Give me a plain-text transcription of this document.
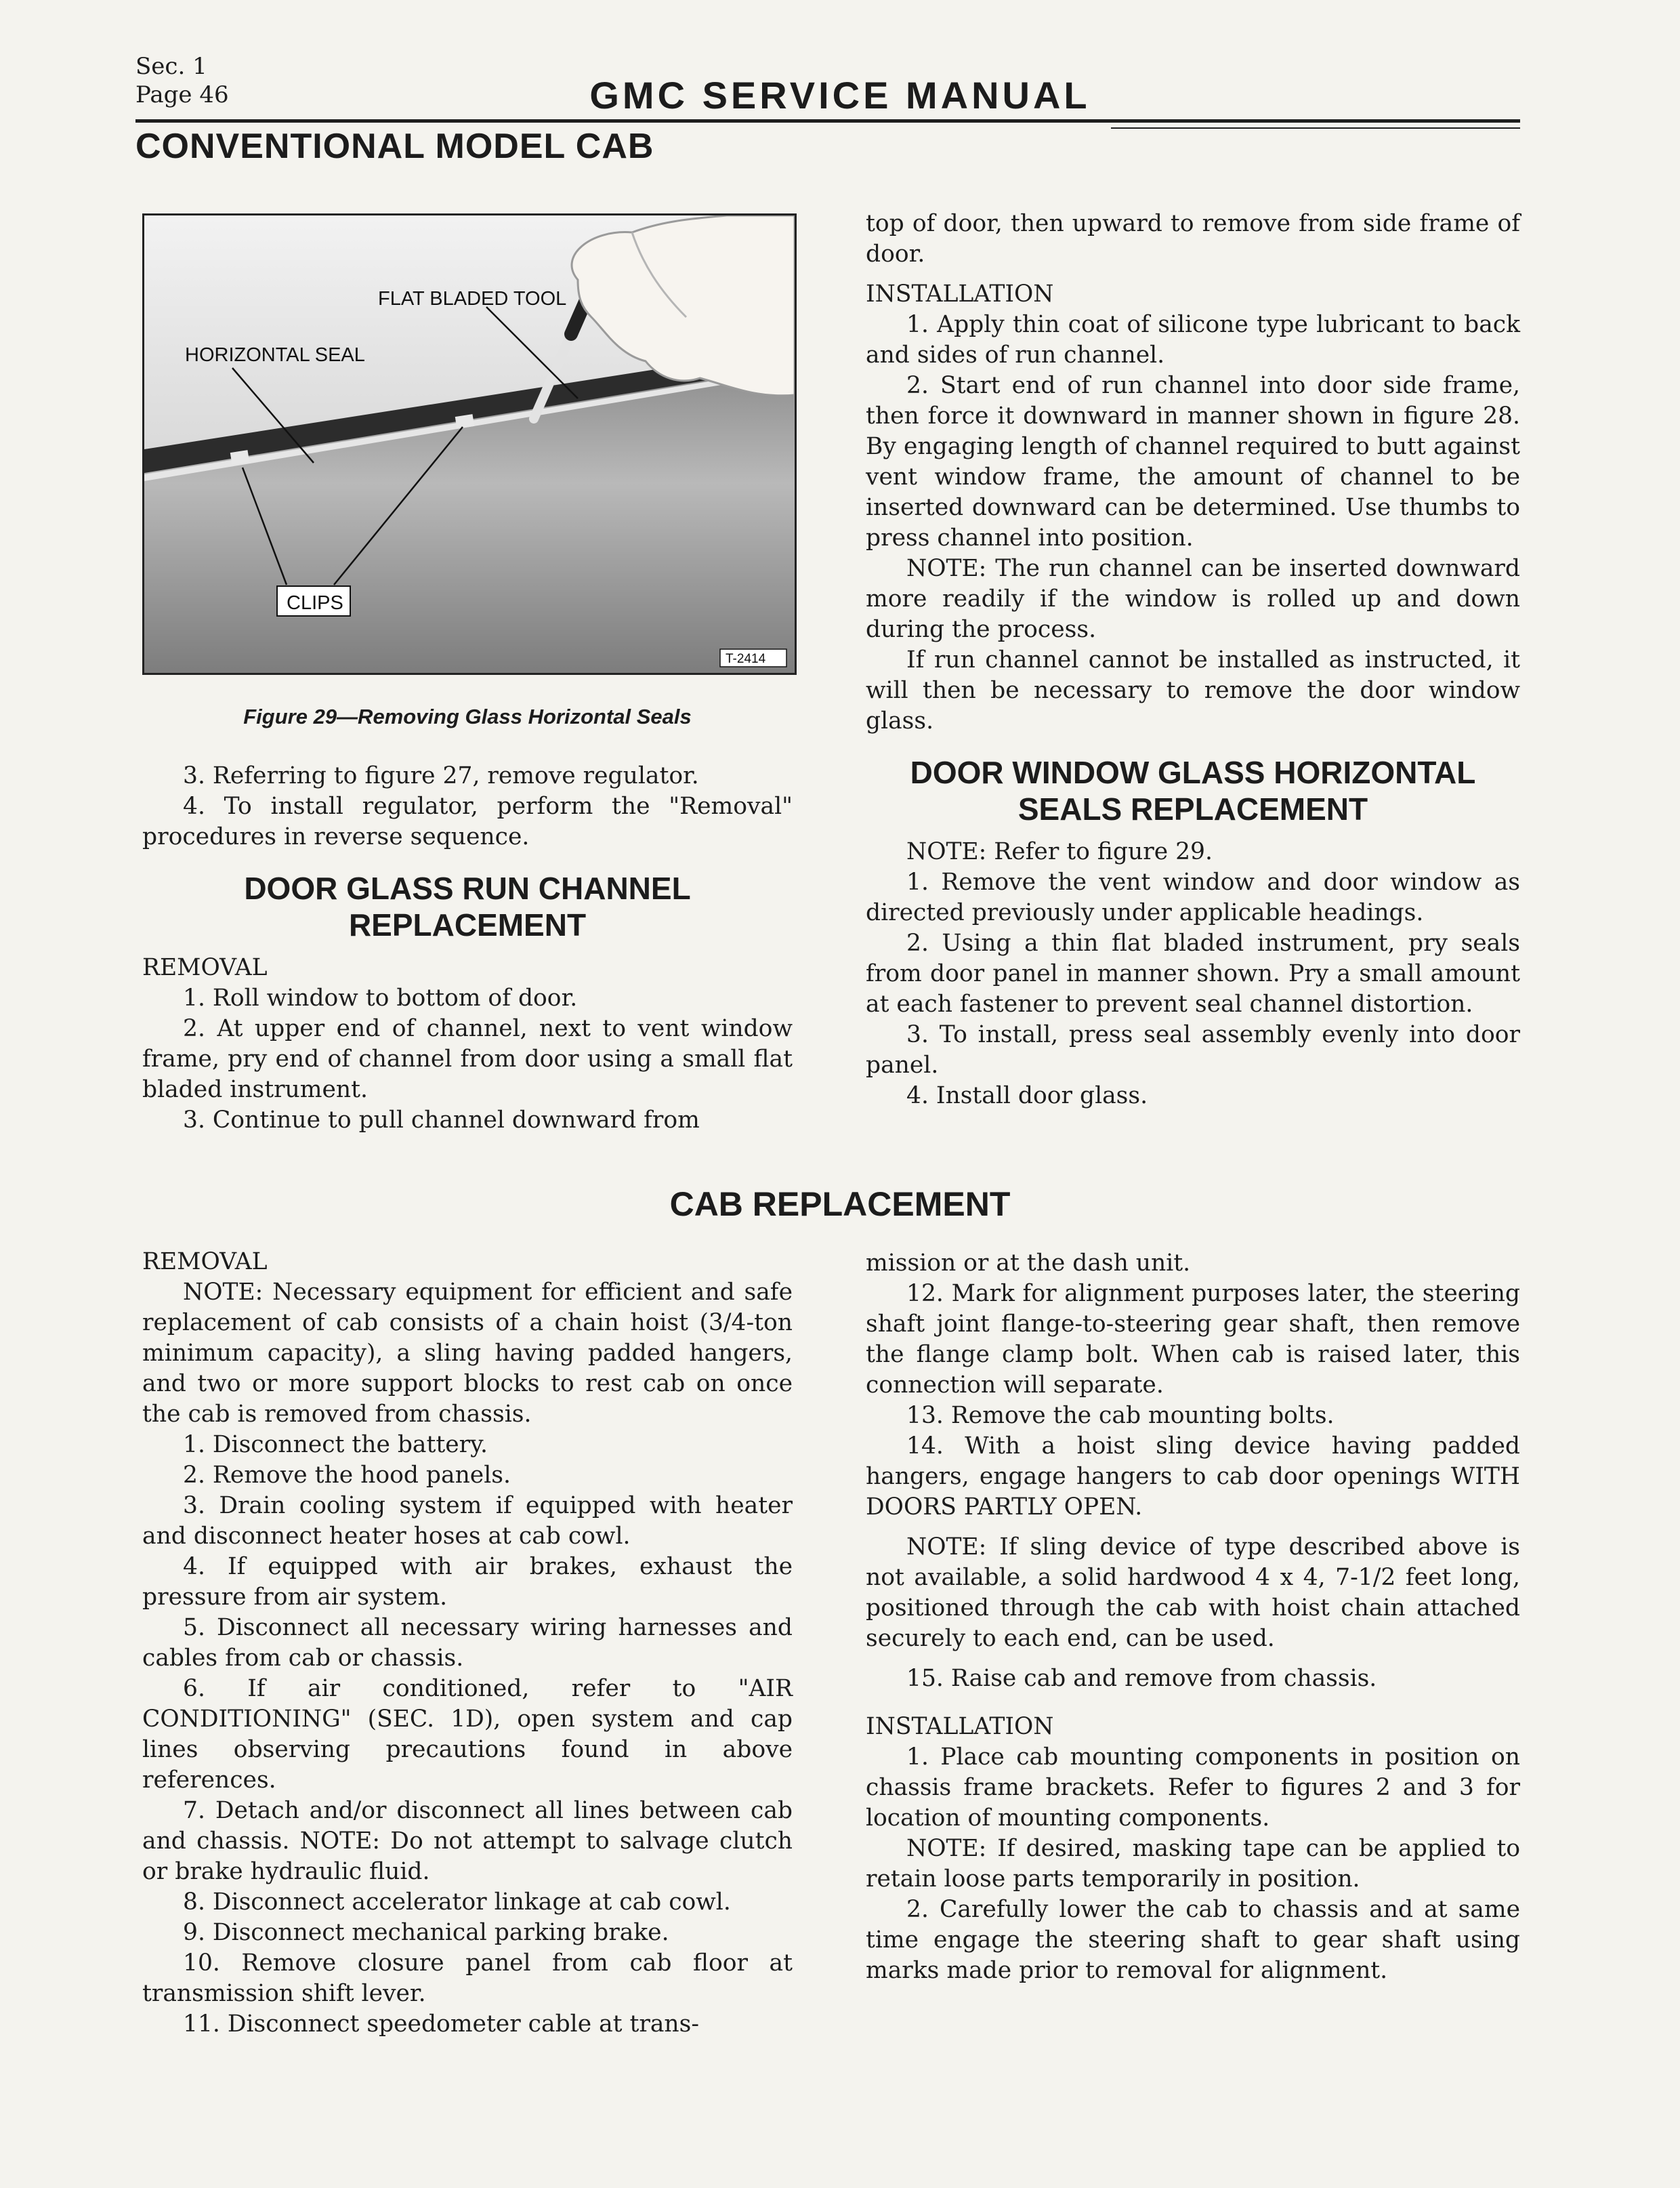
Sec. 1
Page 46	GMC SERVICE MANUAL
CONVENTIONAL MODEL CAB
FLAT BLADED TOOL
HORIZONTAL SEAL
CLIPS
T-2414
Figure 29—Removing Glass Horizontal Seals

3. Referring to figure 27, remove regulator.

4. To install regulator, perform the "Removal" procedures in reverse sequence.

DOOR GLASS RUN CHANNEL REPLACEMENT

REMOVAL

1. Roll window to bottom of door.

2. At upper end of channel, next to vent window frame, pry end of channel from door using a small flat bladed instrument.

3. Continue to pull channel downward from

top of door, then upward to remove from side frame of door.

INSTALLATION

1. Apply thin coat of silicone type lubricant to back and sides of run channel.

2. Start end of run channel into door side frame, then force it downward in manner shown in figure 28. By engaging length of channel required to butt against vent window frame, the amount of channel to be inserted downward can be determined. Use thumbs to press channel into position.

NOTE: The run channel can be inserted downward more readily if the window is rolled up and down during the process.

If run channel cannot be installed as instructed, it will then be necessary to remove the door window glass.

DOOR WINDOW GLASS HORIZONTAL SEALS REPLACEMENT

NOTE: Refer to figure 29.

1. Remove the vent window and door window as directed previously under applicable headings.

2. Using a thin flat bladed instrument, pry seals from door panel in manner shown. Pry a small amount at each fastener to prevent seal channel distortion.

3. To install, press seal assembly evenly into door panel.

4. Install door glass.

CAB REPLACEMENT

REMOVAL

NOTE: Necessary equipment for efficient and safe replacement of cab consists of a chain hoist (3/4-ton minimum capacity), a sling having padded hangers, and two or more support blocks to rest cab on once the cab is removed from chassis.

1. Disconnect the battery.

2. Remove the hood panels.

3. Drain cooling system if equipped with heater and disconnect heater hoses at cab cowl.

4. If equipped with air brakes, exhaust the pressure from air system.

5. Disconnect all necessary wiring harnesses and cables from cab or chassis.

6. If air conditioned, refer to "AIR CONDITIONING" (SEC. 1D), open system and cap lines observing precautions found in above references.

7. Detach and/or disconnect all lines between cab and chassis. NOTE: Do not attempt to salvage clutch or brake hydraulic fluid.

8. Disconnect accelerator linkage at cab cowl.

9. Disconnect mechanical parking brake.

10. Remove closure panel from cab floor at transmission shift lever.

11. Disconnect speedometer cable at trans-

mission or at the dash unit.

12. Mark for alignment purposes later, the steering shaft joint flange-to-steering gear shaft, then remove the flange clamp bolt. When cab is raised later, this connection will separate.

13. Remove the cab mounting bolts.

14. With a hoist sling device having padded hangers, engage hangers to cab door openings WITH DOORS PARTLY OPEN.

NOTE: If sling device of type described above is not available, a solid hardwood 4 x 4, 7-1/2 feet long, positioned through the cab with hoist chain attached securely to each end, can be used.

15. Raise cab and remove from chassis.

INSTALLATION

1. Place cab mounting components in position on chassis frame brackets. Refer to figures 2 and 3 for location of mounting components.

NOTE: If desired, masking tape can be applied to retain loose parts temporarily in position.

2. Carefully lower the cab to chassis and at same time engage the steering shaft to gear shaft using marks made prior to removal for alignment.
